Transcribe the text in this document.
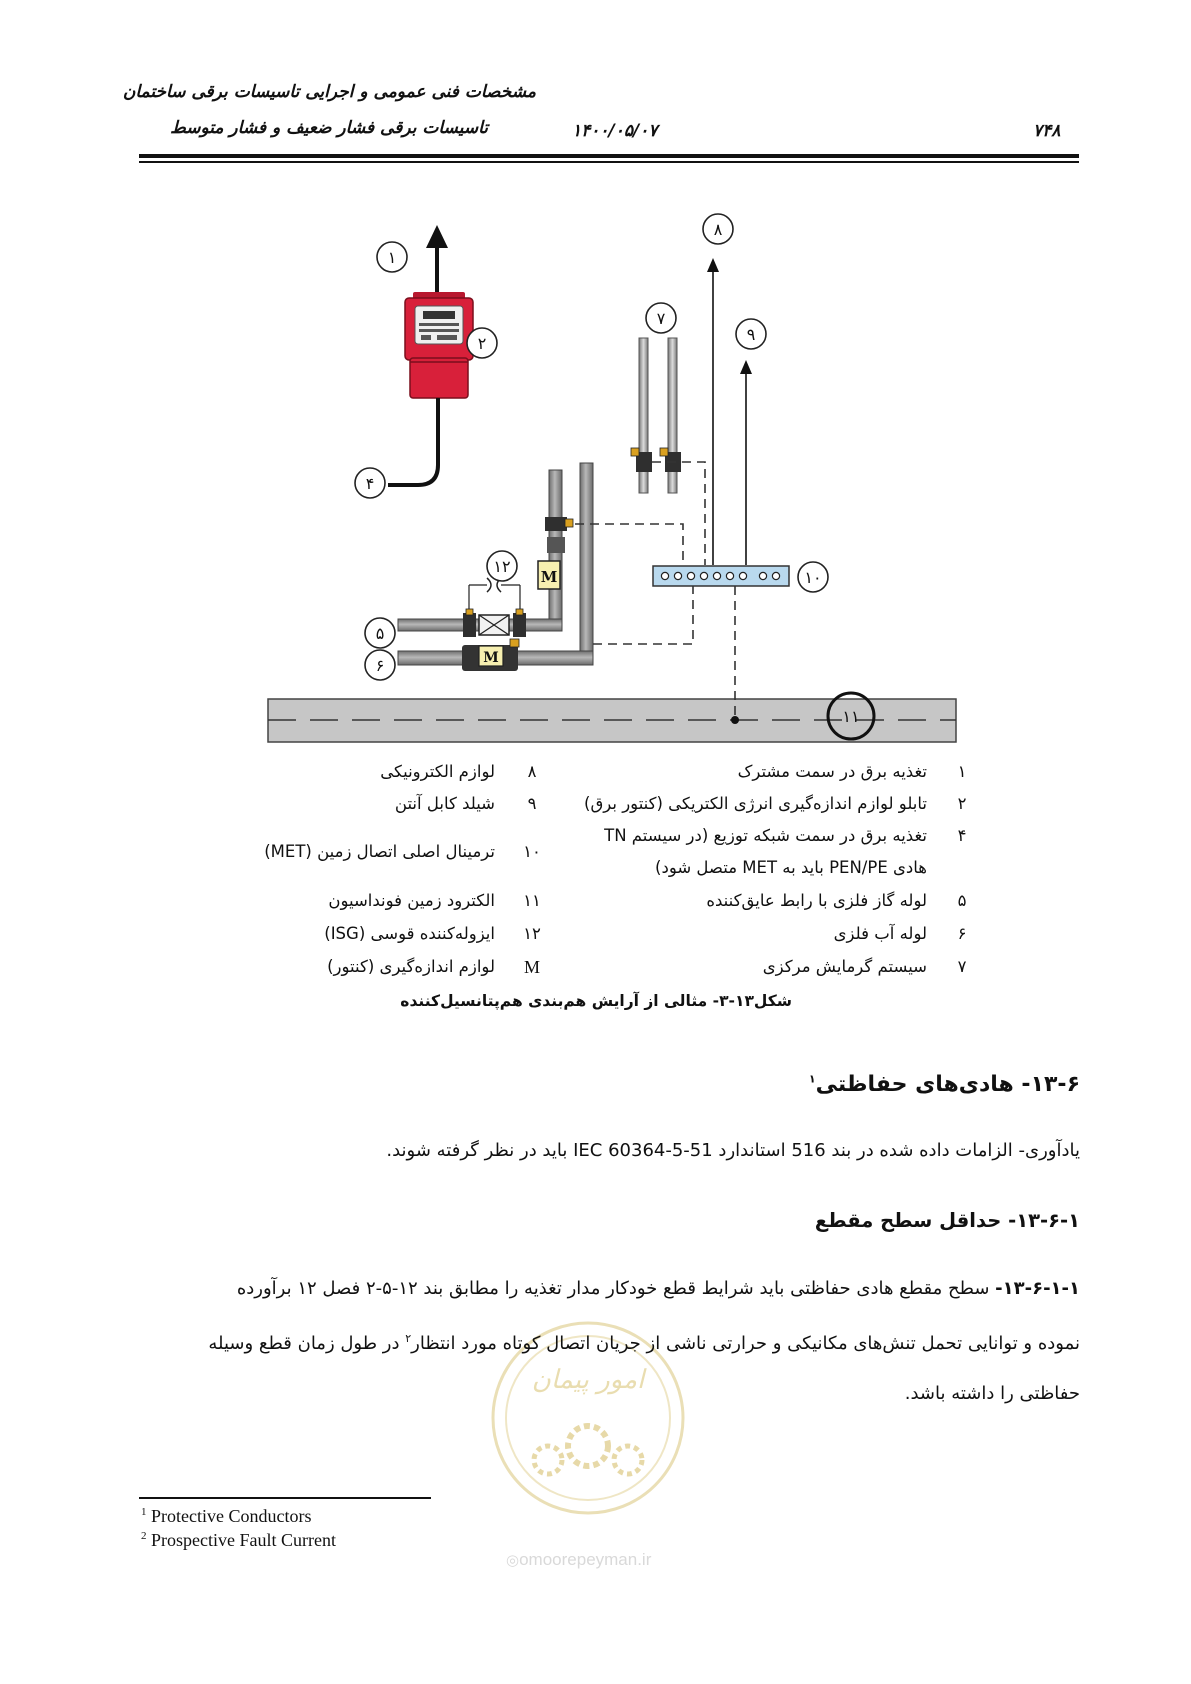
مشخصات فنی عمومی و اجرایی تاسیسات برقی ساختمان
تاسیسات برقی فشار ضعیف و فشار متوسط	۱۴۰۰/۰۵/۰۷	۷۴۸
M
M
۱
۲
۴
۱۲
۵
۶
۷
۸
۹
۱۰
۱۱
۱
تغذیه برق در سمت مشترک
۲
تابلو لوازم اندازه‌گیری انرژی الکتریکی (کنتور برق)
۴
تغذیه برق در سمت شبکه توزیع (در سیستم TN
هادی PEN/PE باید به MET متصل شود)
۵
لوله گاز فلزی با رابط عایق‌کننده
۶
لوله آب فلزی
۷
سیستم گرمایش مرکزی
۸
لوازم الکترونیکی
۹
شیلد کابل آنتن
۱۰
ترمینال اصلی اتصال زمین (MET)
۱۱
الکترود زمین فونداسیون
۱۲
ایزوله‌کننده قوسی (ISG)
M
لوازم اندازه‌گیری (کنتور)
شکل۱۳-۳- مثالی از آرایش هم‌بندی هم‌پتانسیل‌کننده
امور پیمان
◎omoorepeyman.ir
۱۳-۶- هادی‌های حفاظتی$^۱$
یادآوری- الزامات داده شده در بند 516 استاندارد IEC 60364-5-51 باید در نظر گرفته شوند.
۱۳-۶-۱- حداقل سطح مقطع
۱۳-۶-۱-۱- سطح مقطع هادی حفاظتی باید شرایط قطع خودکار مدار تغذیه را مطابق بند ۱۲-۵-۲ فصل ۱۲ برآورده
نموده و توانایی تحمل تنش‌های مکانیکی و حرارتی ناشی از جریان اتصال کوتاه مورد انتظار$^۲$ در طول زمان قطع وسیله
حفاظتی را داشته باشد.
$^1$ Protective Conductors
$^2$ Prospective Fault Current
